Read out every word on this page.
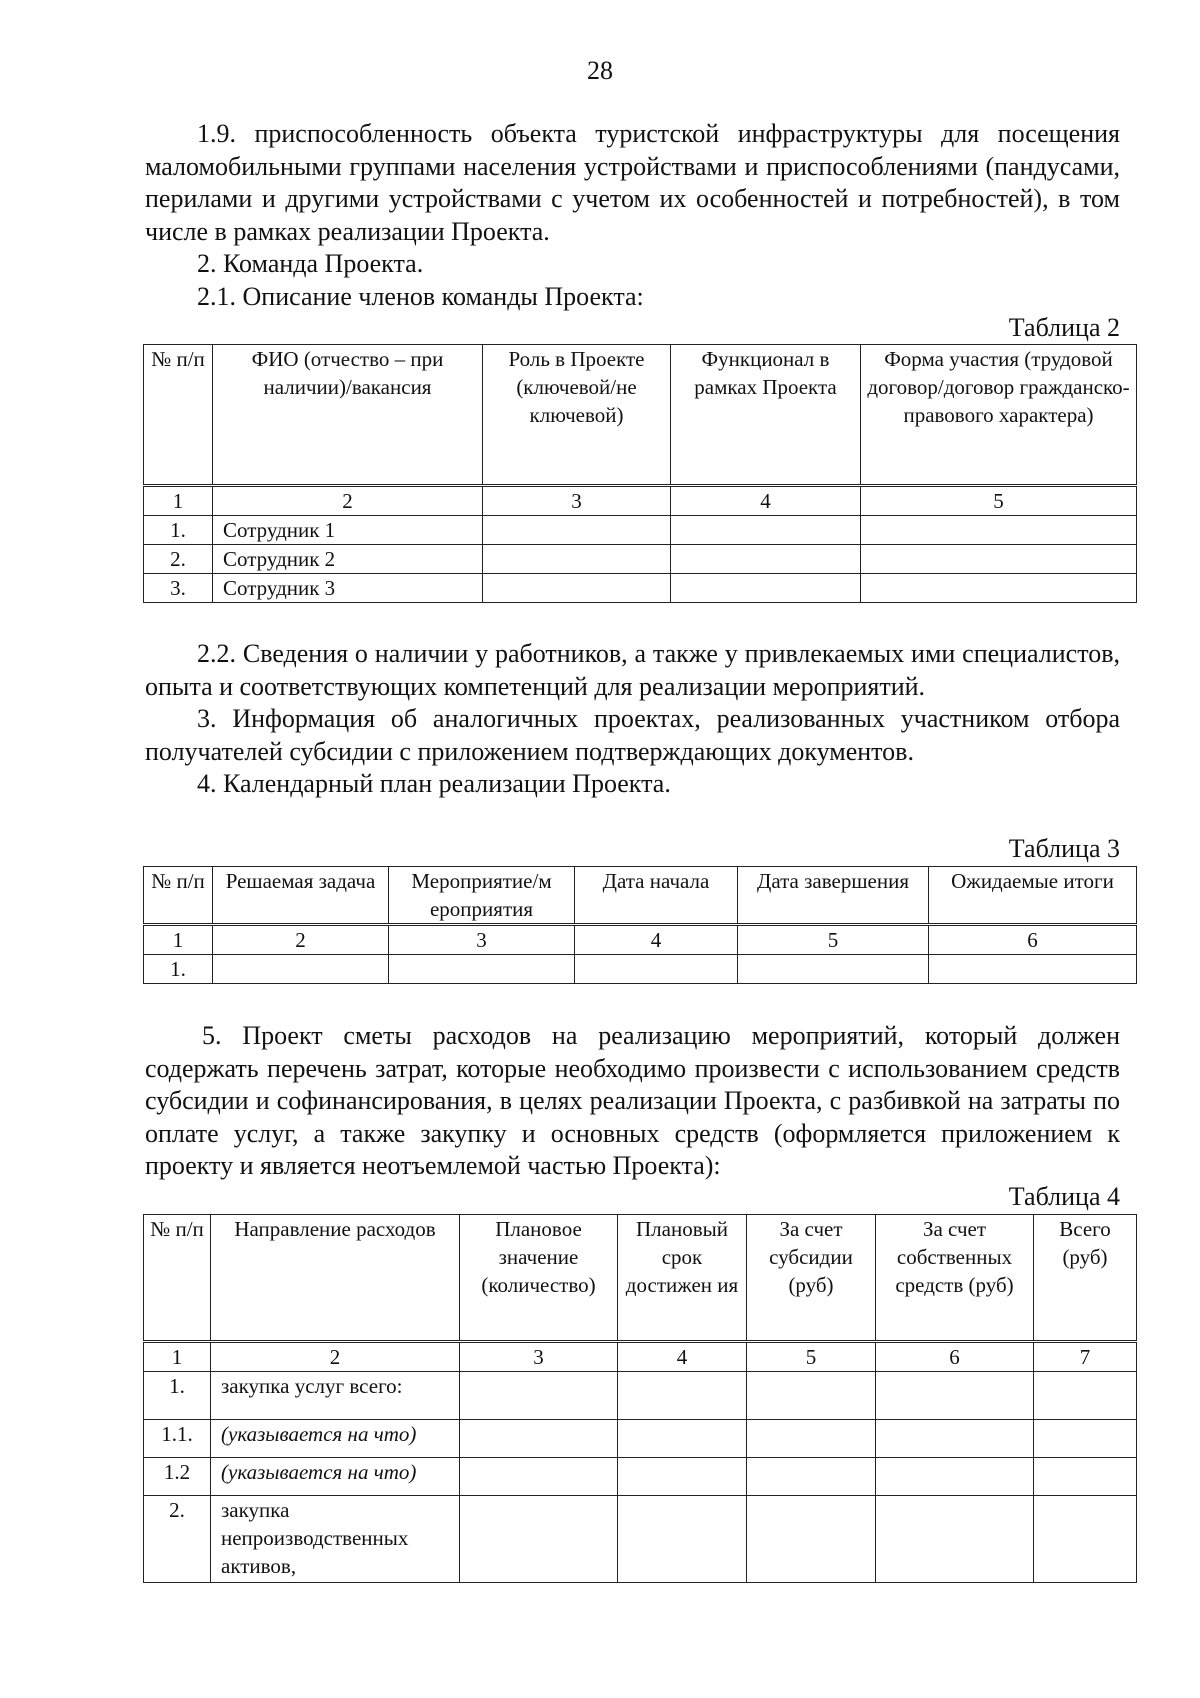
28

1.9. приспособленность объекта туристской инфраструктуры для посещения маломобильными группами населения устройствами и приспособлениями (пандусами, перилами и другими устройствами с учетом их особенностей и потребностей), в том числе в рамках реализации Проекта.

2. Команда Проекта.

2.1. Описание членов команды Проекта:

Таблица 2
№ п/п	ФИО (отчество – при наличии)/вакансия	Роль в Проекте (ключевой/не ключевой)	Функционал в рамках Проекта	Форма участия (трудовой договор/договор гражданско-правового характера)
1	2	3	4	5
1.	Сотрудник 1			
2.	Сотрудник 2			
3.	Сотрудник 3			

2.2. Сведения о наличии у работников, а также у привлекаемых ими специалистов, опыта и соответствующих компетенций для реализации мероприятий.

3. Информация об аналогичных проектах, реализованных участником отбора получателей субсидии с приложением подтверждающих документов.

4. Календарный план реализации Проекта.

Таблица 3
№ п/п	Решаемая задача	Мероприятие/м ероприятия	Дата начала	Дата завершения	Ожидаемые итоги
1	2	3	4	5	6
1.					

5. Проект сметы расходов на реализацию мероприятий, который должен содержать перечень затрат, которые необходимо произвести с использованием средств субсидии и софинансирования, в целях реализации Проекта, с разбивкой на затраты по оплате услуг, а также закупку и основных средств (оформляется приложением к проекту и является неотъемлемой частью Проекта):

Таблица 4
№ п/п	Направление расходов	Плановое значение (количество)	Плановый срок достижен ия	За счет субсидии (руб)	За счет собственных средств (руб)	Всего (руб)
1	2	3	4	5	6	7
1.	закупка услуг всего:					
1.1.	(указывается на что)					
1.2	(указывается на что)					
2.	закупка непроизводственных активов,					
